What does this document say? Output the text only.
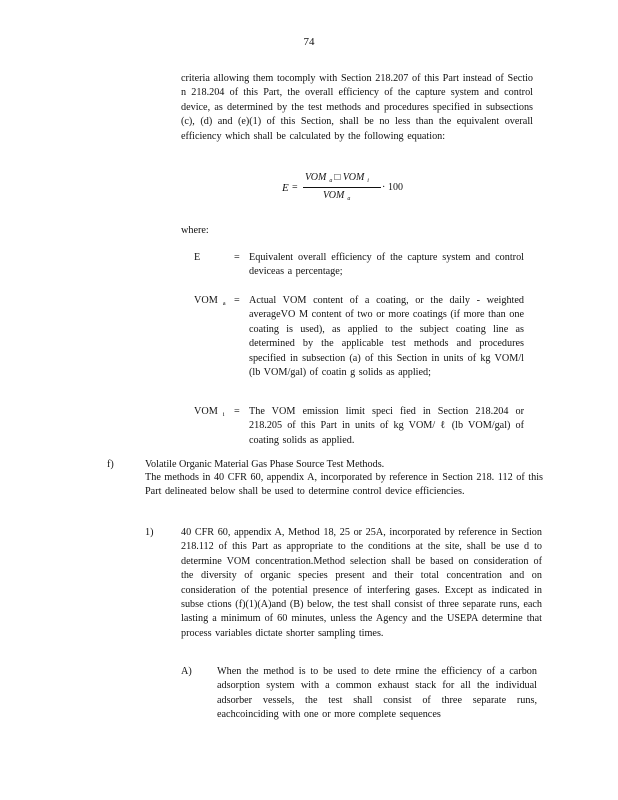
74
criteria allowing them tocomply with Section 218.207 of this Part instead of Sectio n 218.204 of this Part, the overall efficiency of the capture system and control device, as determined by the test methods and procedures specified in subsections (c), (d) and (e)(1) of this Section, shall be no less than the equivalent overall efficiency which shall be calculated by the following equation:
E =
VOM $_a$ □ VOM $_i$
VOM $_a$
· 100
where:
E	= Equivalent overall efficiency of the capture system and control deviceas a percentage;
VOM a = Actual VOM content of a coating, or the daily - weighted averageVO M content of two or more coatings (if more than one coating is used), as applied to the subject coating line as determined by the applicable test methods and procedures specified in subsection (a) of this Section in units of kg VOM/l (lb VOM/gal) of coatin g solids as applied;
VOM i = The VOM emission limit speci fied in Section 218.204 or 218.205 of this Part in units of kg VOM/ ℓ (lb VOM/gal) of coating solids as applied.
f)	Volatile Organic Material Gas Phase Source Test Methods.
The methods in 40 CFR 60, appendix A, incorporated by reference in Section 218. 112 of this Part delineated below shall be used to determine control device efficiencies.
1)	40 CFR 60, appendix A, Method 18, 25 or 25A, incorporated by reference in Section 218.112 of this Part as appropriate to the conditions at the site, shall be use d to determine VOM concentration.Method selection shall be based on consideration of the diversity of organic species present and their total concentration and on consideration of the potential presence of interfering gases. Except as indicated in subse ctions (f)(1)(A)and (B) below, the test shall consist of three separate runs, each lasting a minimum of 60 minutes, unless the Agency and the USEPA determine that process variables dictate shorter sampling times.
A) When the method is to be used to dete rmine the efficiency of a carbon adsorption system with a common exhaust stack for all the individual adsorber vessels, the test shall consist of three separate runs, eachcoinciding with one or more complete sequences
